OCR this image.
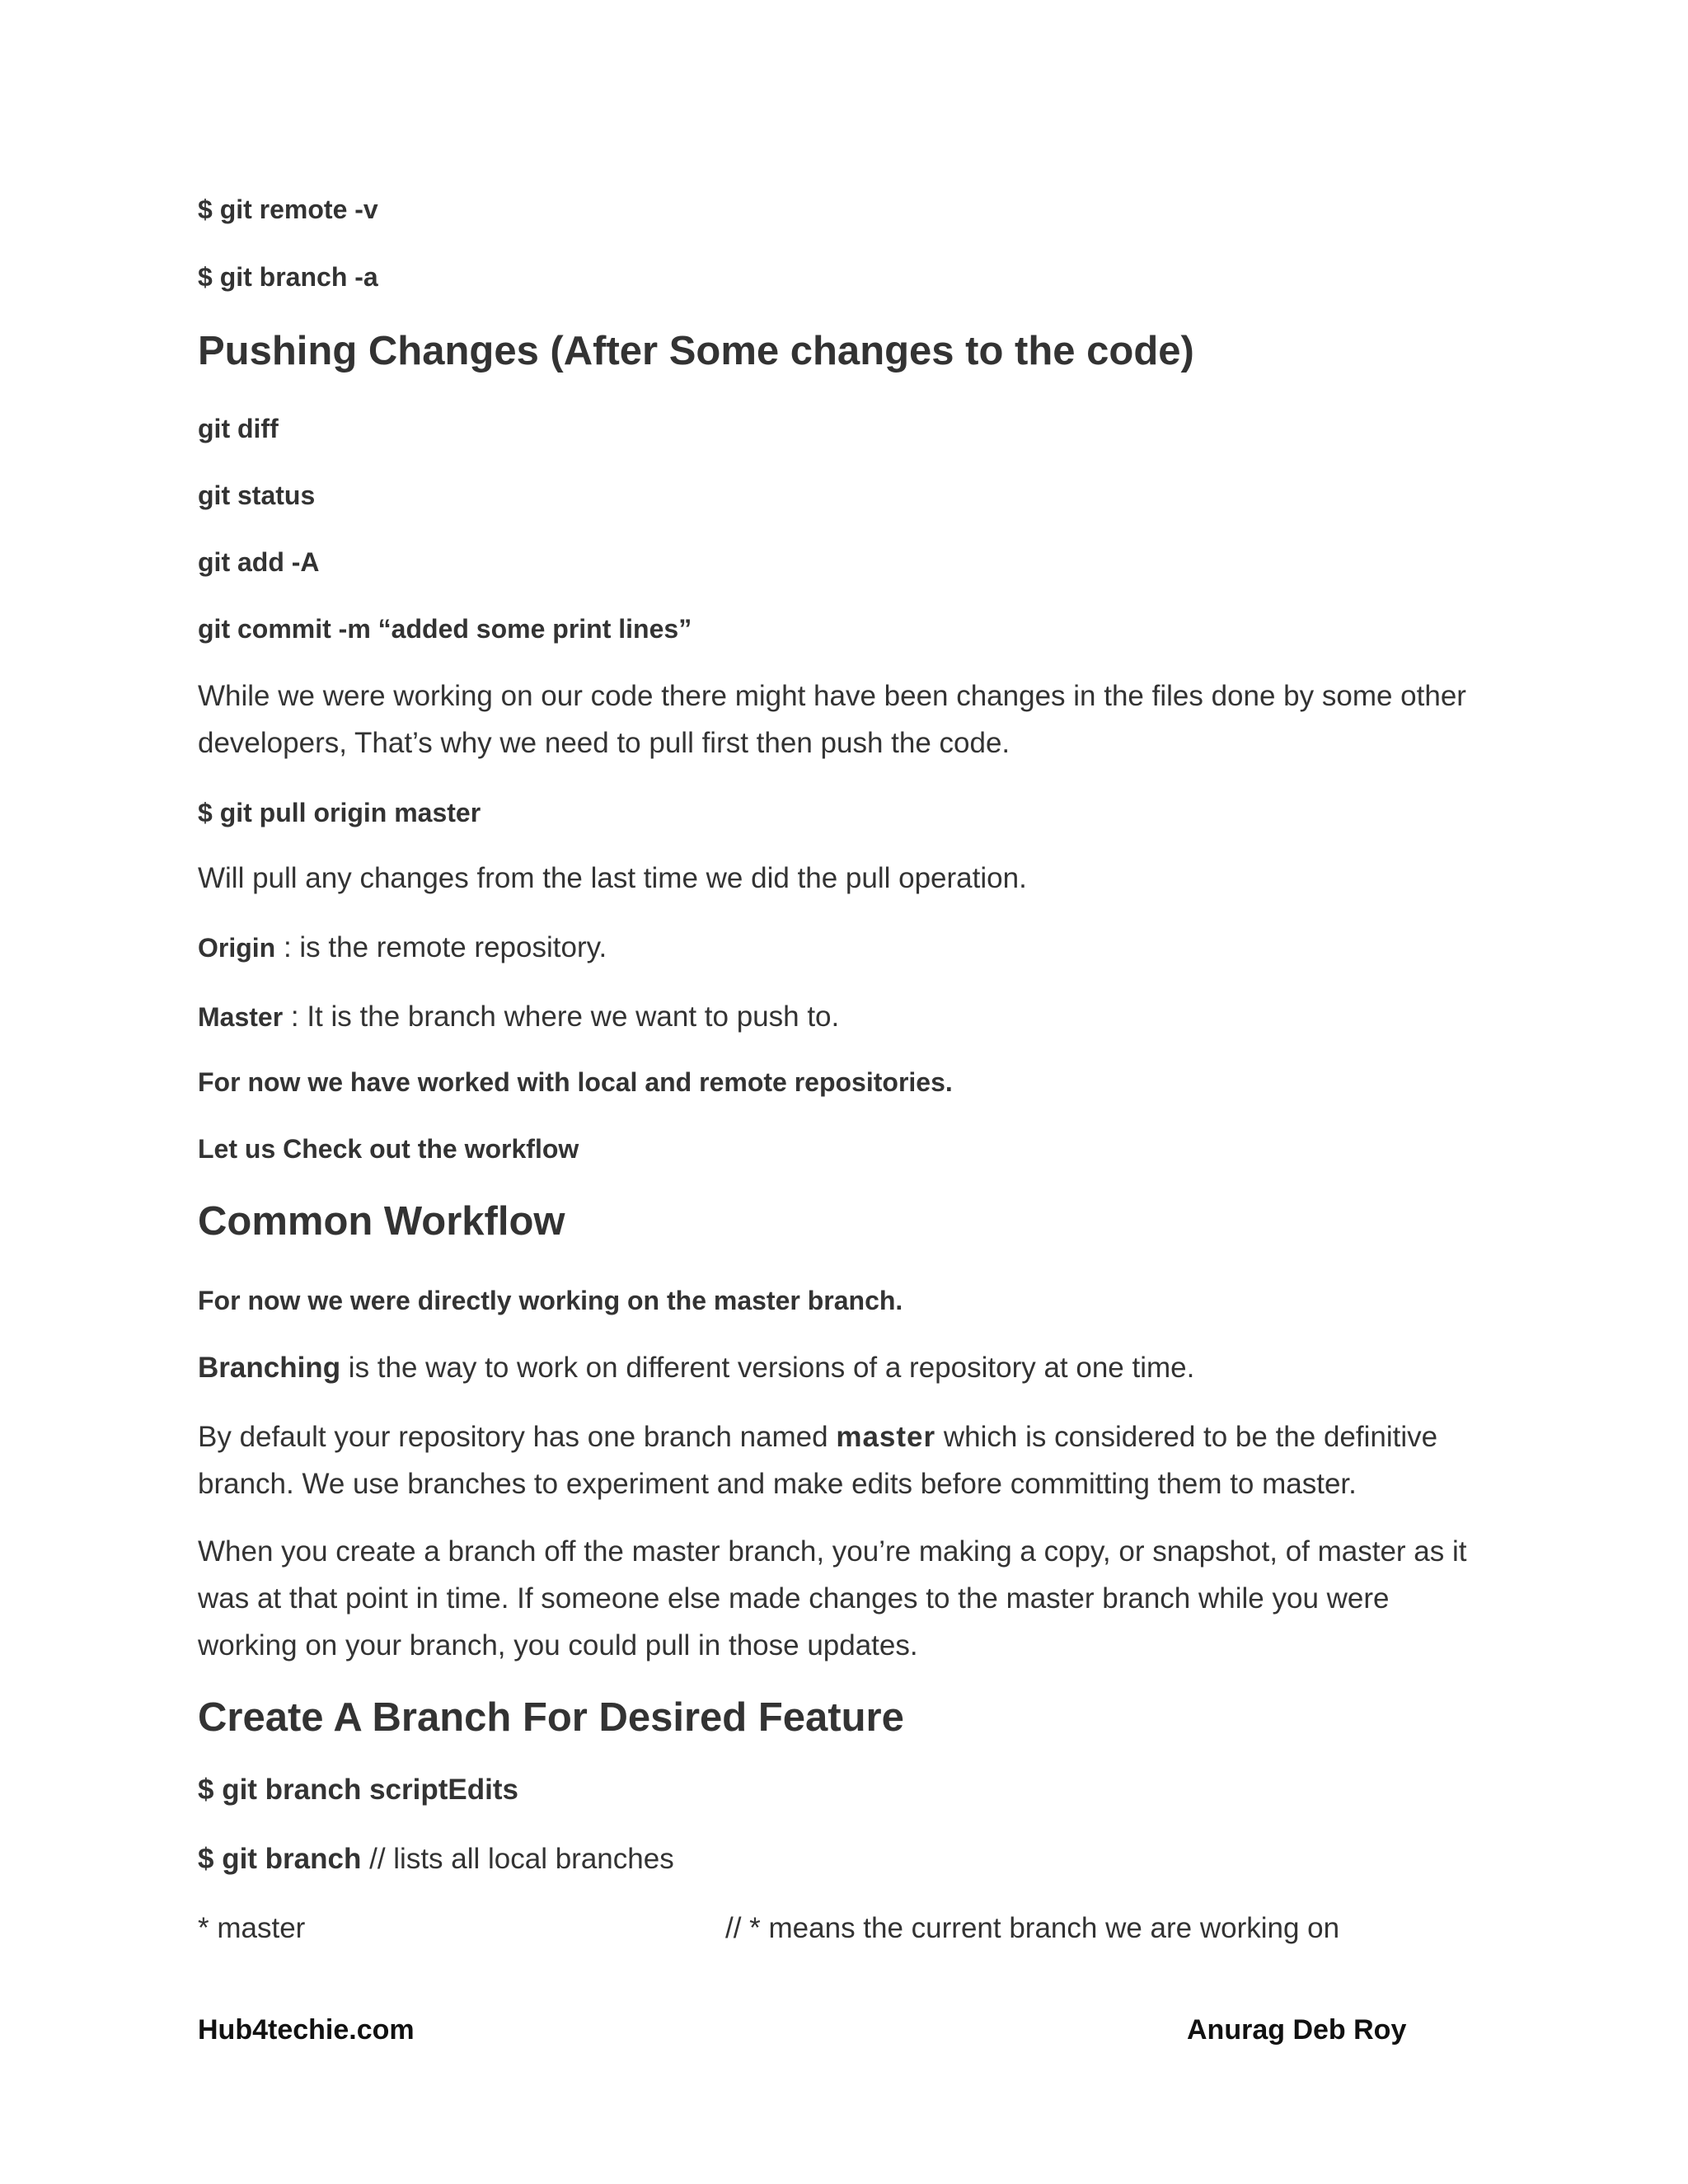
$ git remote -v
$ git branch -a
Pushing Changes (After Some changes to the code)
git diff
git status
git add -A
git commit -m “added some print lines”
While we were working on our code there might have been changes in the files done by some other
developers, That’s why we need to pull first then push the code.
$ git pull origin master
Will pull any changes from the last time we did the pull operation.
Origin : is the remote repository.
Master : It is the branch where we want to push to.
For now we have worked with local and remote repositories.
Let us Check out the workflow
Common Workflow
For now we were directly working on the master branch.
Branching is the way to work on different versions of a repository at one time.
By default your repository has one branch named master which is considered to be the definitive
branch. We use branches to experiment and make edits before committing them to master.
When you create a branch off the master branch, you’re making a copy, or snapshot, of master as it
was at that point in time. If someone else made changes to the master branch while you were
working on your branch, you could pull in those updates.
Create A Branch For Desired Feature
$ git branch scriptEdits
$ git branch // lists all local branches
* master	// * means the current branch we are working on
Hub4techie.com	Anurag Deb Roy
